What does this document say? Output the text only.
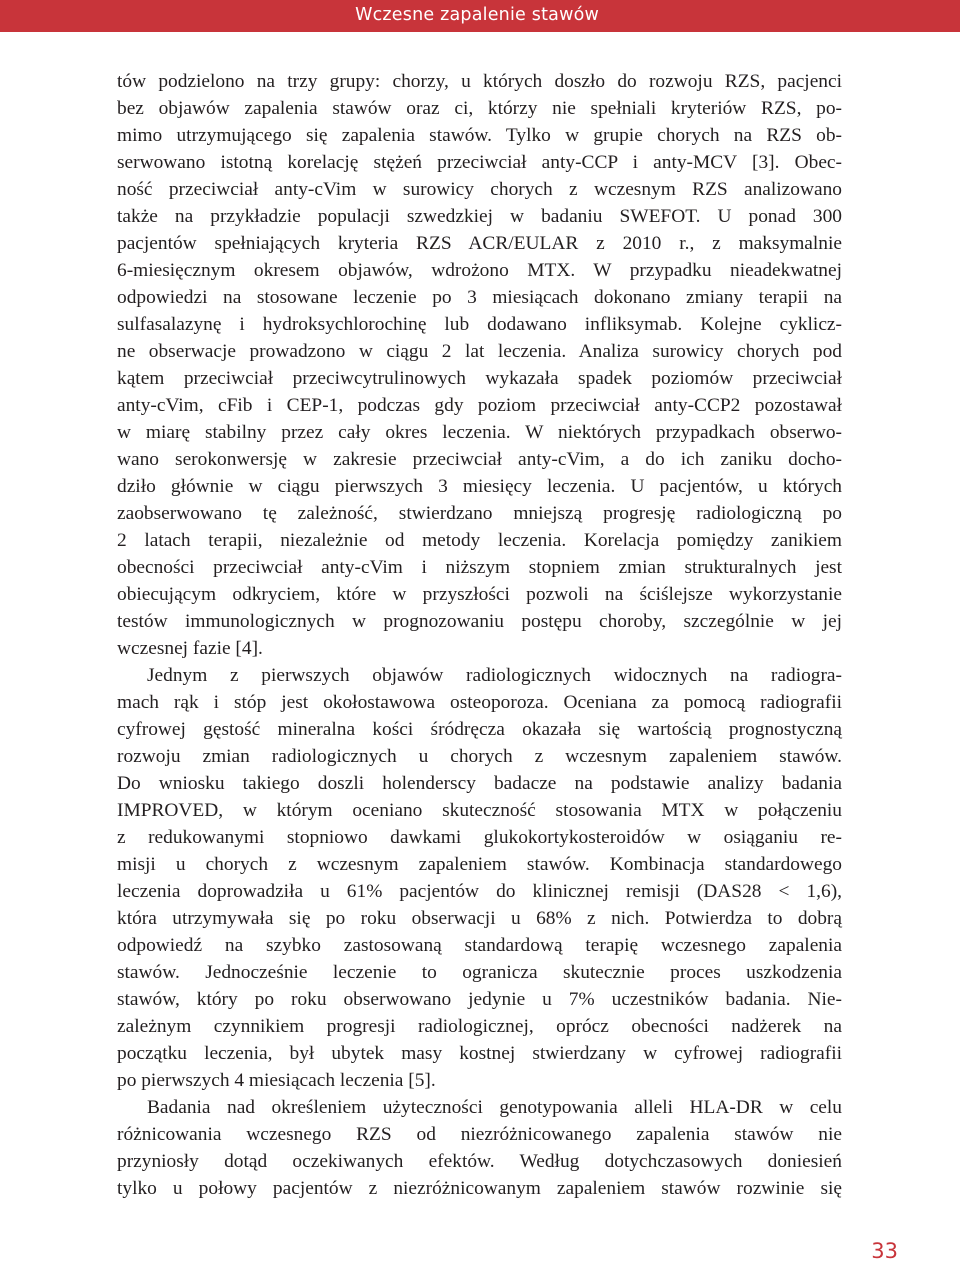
Wczesne zapalenie stawów
tów podzielono na trzy grupy: chorzy, u których doszło do rozwoju RZS, pacjenci
bez objawów zapalenia stawów oraz ci, którzy nie spełniali kryteriów RZS, po-
mimo utrzymującego się zapalenia stawów. Tylko w grupie chorych na RZS ob-
serwowano istotną korelację stężeń przeciwciał anty-CCP i anty-MCV [3]. Obec-
ność przeciwciał anty-cVim w surowicy chorych z wczesnym RZS analizowano
także na przykładzie populacji szwedzkiej w badaniu SWEFOT. U ponad 300
pacjentów spełniających kryteria RZS ACR/EULAR z 2010 r., z maksymalnie
6-miesięcznym okresem objawów, wdrożono MTX. W przypadku nieadekwatnej
odpowiedzi na stosowane leczenie po 3 miesiącach dokonano zmiany terapii na
sulfasalazynę i hydroksychlorochinę lub dodawano infliksymab. Kolejne cyklicz-
ne obserwacje prowadzono w ciągu 2 lat leczenia. Analiza surowicy chorych pod
kątem przeciwciał przeciwcytrulinowych wykazała spadek poziomów przeciwciał
anty-cVim, cFib i CEP-1, podczas gdy poziom przeciwciał anty-CCP2 pozostawał
w miarę stabilny przez cały okres leczenia. W niektórych przypadkach obserwo-
wano serokonwersję w zakresie przeciwciał anty-cVim, a do ich zaniku docho-
dziło głównie w ciągu pierwszych 3 miesięcy leczenia. U pacjentów, u których
zaobserwowano tę zależność, stwierdzano mniejszą progresję radiologiczną po
2 latach terapii, niezależnie od metody leczenia. Korelacja pomiędzy zanikiem
obecności przeciwciał anty-cVim i niższym stopniem zmian strukturalnych jest
obiecującym odkryciem, które w przyszłości pozwoli na ściślejsze wykorzystanie
testów immunologicznych w prognozowaniu postępu choroby, szczególnie w jej
wczesnej fazie [4].
Jednym z pierwszych objawów radiologicznych widocznych na radiogra-
mach rąk i stóp jest okołostawowa osteoporoza. Oceniana za pomocą radiografii
cyfrowej gęstość mineralna kości śródręcza okazała się wartością prognostyczną
rozwoju zmian radiologicznych u chorych z wczesnym zapaleniem stawów.
Do wniosku takiego doszli holenderscy badacze na podstawie analizy badania
IMPROVED, w którym oceniano skuteczność stosowania MTX w połączeniu
z redukowanymi stopniowo dawkami glukokortykosteroidów w osiąganiu re-
misji u chorych z wczesnym zapaleniem stawów. Kombinacja standardowego
leczenia doprowadziła u 61% pacjentów do klinicznej remisji (DAS28 < 1,6),
która utrzymywała się po roku obserwacji u 68% z nich. Potwierdza to dobrą
odpowiedź na szybko zastosowaną standardową terapię wczesnego zapalenia
stawów. Jednocześnie leczenie to ogranicza skutecznie proces uszkodzenia
stawów, który po roku obserwowano jedynie u 7% uczestników badania. Nie-
zależnym czynnikiem progresji radiologicznej, oprócz obecności nadżerek na
początku leczenia, był ubytek masy kostnej stwierdzany w cyfrowej radiografii
po pierwszych 4 miesiącach leczenia [5].
Badania nad określeniem użyteczności genotypowania alleli HLA-DR w celu
różnicowania wczesnego RZS od niezróżnicowanego zapalenia stawów nie
przyniosły dotąd oczekiwanych efektów. Według dotychczasowych doniesień
tylko u połowy pacjentów z niezróżnicowanym zapaleniem stawów rozwinie się
33
